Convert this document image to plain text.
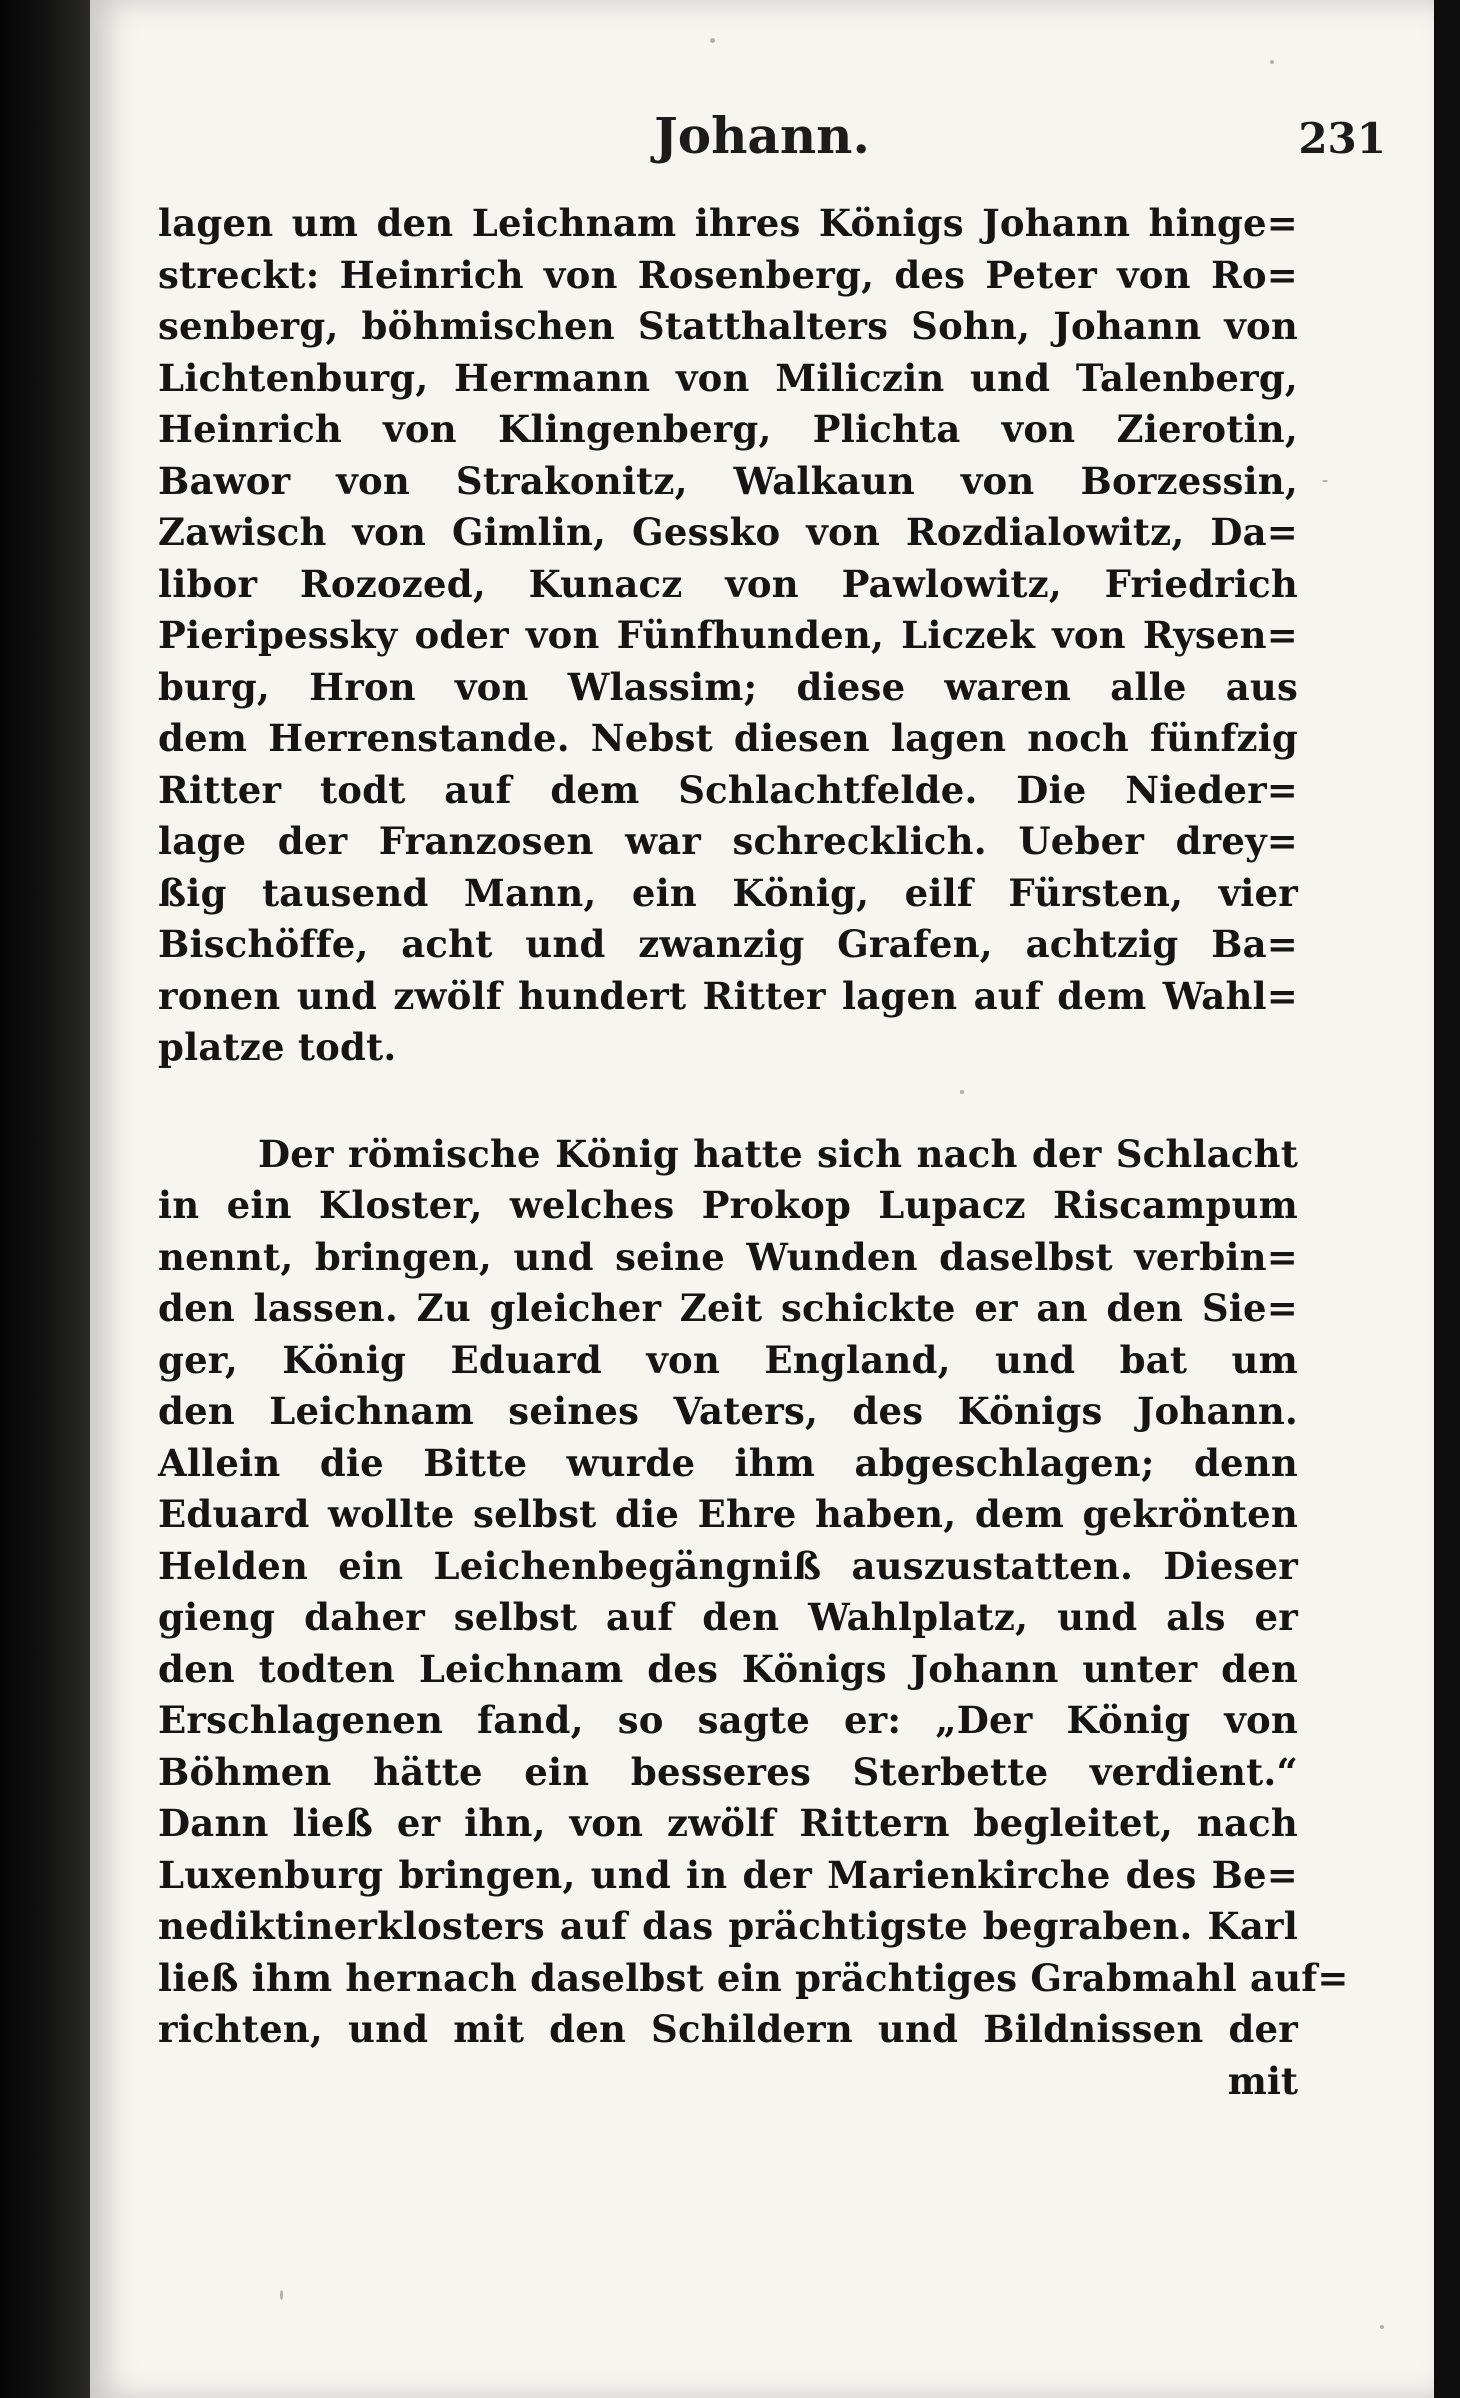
Johann.	231
lagen um den Leichnam ihres Königs Johann hinge=
streckt: Heinrich von Rosenberg, des Peter von Ro=
senberg, böhmischen Statthalters Sohn, Johann von
Lichtenburg, Hermann von Miliczin und Talenberg,
Heinrich von Klingenberg, Plichta von Zierotin,
Bawor von Strakonitz, Walkaun von Borzessin,
Zawisch von Gimlin, Gessko von Rozdialowitz, Da=
libor Rozozed, Kunacz von Pawlowitz, Friedrich
Pieripessky oder von Fünfhunden, Liczek von Rysen=
burg, Hron von Wlassim; diese waren alle aus
dem Herrenstande. Nebst diesen lagen noch fünfzig
Ritter todt auf dem Schlachtfelde. Die Nieder=
lage der Franzosen war schrecklich. Ueber drey=
ßig tausend Mann, ein König, eilf Fürsten, vier
Bischöffe, acht und zwanzig Grafen, achtzig Ba=
ronen und zwölf hundert Ritter lagen auf dem Wahl=
platze todt.
Der römische König hatte sich nach der Schlacht
in ein Kloster, welches Prokop Lupacz Riscampum
nennt, bringen, und seine Wunden daselbst verbin=
den lassen. Zu gleicher Zeit schickte er an den Sie=
ger, König Eduard von England, und bat um
den Leichnam seines Vaters, des Königs Johann.
Allein die Bitte wurde ihm abgeschlagen; denn
Eduard wollte selbst die Ehre haben, dem gekrönten
Helden ein Leichenbegängniß auszustatten. Dieser
gieng daher selbst auf den Wahlplatz, und als er
den todten Leichnam des Königs Johann unter den
Erschlagenen fand, so sagte er: „Der König von
Böhmen hätte ein besseres Sterbette verdient.“
Dann ließ er ihn, von zwölf Rittern begleitet, nach
Luxenburg bringen, und in der Marienkirche des Be=
nediktinerklosters auf das prächtigste begraben. Karl
ließ ihm hernach daselbst ein prächtiges Grabmahl auf=
richten, und mit den Schildern und Bildnissen der
mit
